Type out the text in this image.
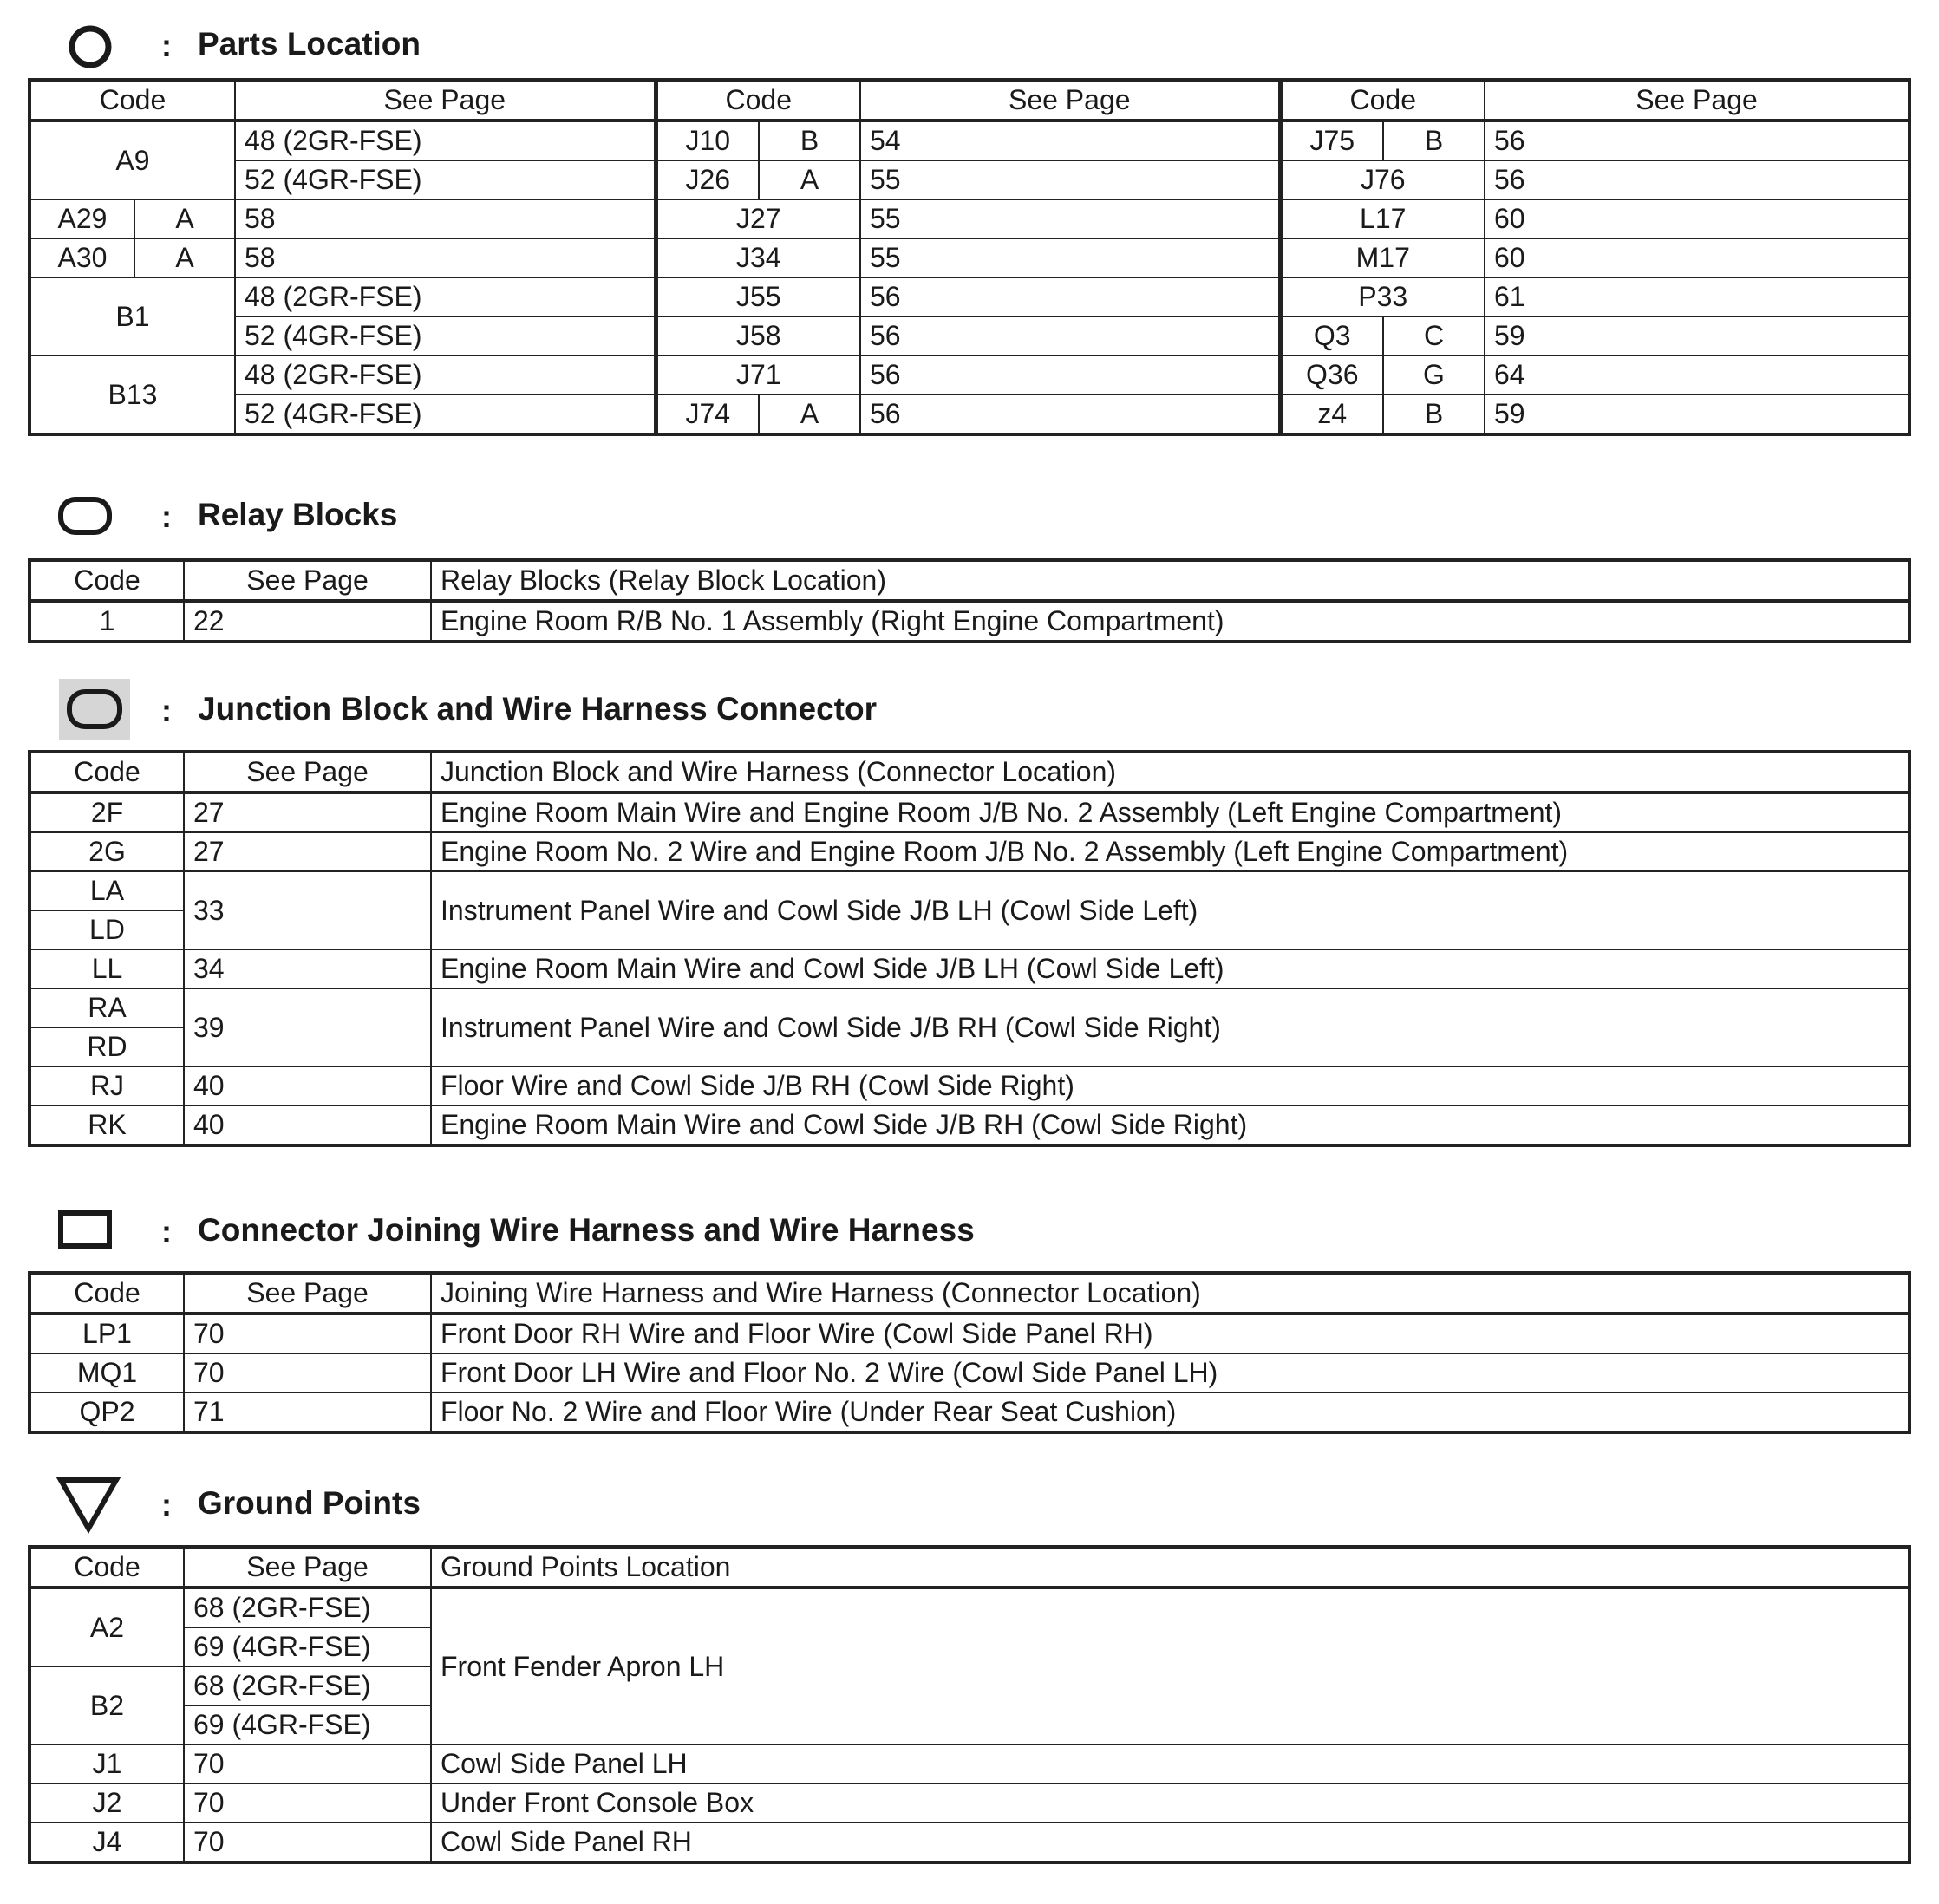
: Parts Location
Code		See Page	Code		See Page	Code		See Page
A9		48 (2GR-FSE)	J10	B	54	J75	B	56
		52 (4GR-FSE)	J26	A	55	J76		56
A29	A	58	J27		55	L17		60
A30	A	58	J34		55	M17		60
B1		48 (2GR-FSE)	J55		56	P33		61
		52 (4GR-FSE)	J58		56	Q3	C	59
B13		48 (2GR-FSE)	J71		56	Q36	G	64
		52 (4GR-FSE)	J74	A	56	z4	B	59
: Relay Blocks
Code	See Page	Relay Blocks (Relay Block Location)
1	22	Engine Room R/B No. 1 Assembly (Right Engine Compartment)
: Junction Block and Wire Harness Connector
Code	See Page	Junction Block and Wire Harness (Connector Location)
2F	27	Engine Room Main Wire and Engine Room J/B No. 2 Assembly (Left Engine Compartment)
2G	27	Engine Room No. 2 Wire and Engine Room J/B No. 2 Assembly (Left Engine Compartment)
LA	33	Instrument Panel Wire and Cowl Side J/B LH (Cowl Side Left)
LD		
LL	34	Engine Room Main Wire and Cowl Side J/B LH (Cowl Side Left)
RA	39	Instrument Panel Wire and Cowl Side J/B RH (Cowl Side Right)
RD		
RJ	40	Floor Wire and Cowl Side J/B RH (Cowl Side Right)
RK	40	Engine Room Main Wire and Cowl Side J/B RH (Cowl Side Right)
: Connector Joining Wire Harness and Wire Harness
Code	See Page	Joining Wire Harness and Wire Harness (Connector Location)
LP1	70	Front Door RH Wire and Floor Wire (Cowl Side Panel RH)
MQ1	70	Front Door LH Wire and Floor No. 2 Wire (Cowl Side Panel LH)
QP2	71	Floor No. 2 Wire and Floor Wire (Under Rear Seat Cushion)
: Ground Points
Code	See Page	Ground Points Location
A2	68 (2GR-FSE)	Front Fender Apron LH
	69 (4GR-FSE)	
B2	68 (2GR-FSE)	
	69 (4GR-FSE)	
J1	70	Cowl Side Panel LH
J2	70	Under Front Console Box
J4	70	Cowl Side Panel RH
